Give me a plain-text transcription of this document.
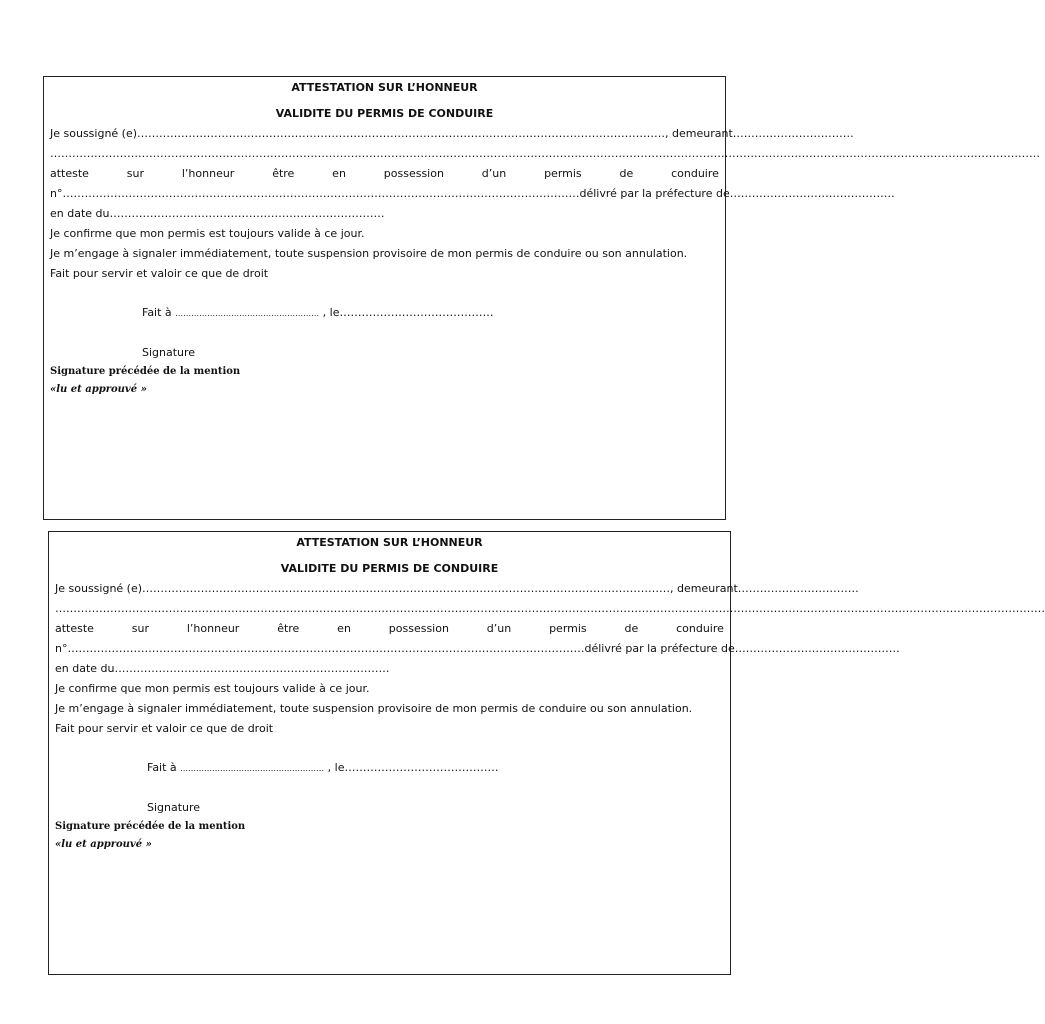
ATTESTATION SUR L’HONNEUR

VALIDITE DU PERMIS DE CONDUIRE

Je soussigné (e)………………………………………………………………………………………………………………………………, demeurant……………………………

………………………………………………………………………………………………………………………………………………………………………………………………………………………………………………

atteste	sur	l’honneur	être	en	possession	d’un	permis	de	conduire

n°……………………………………………………………………………………………………………………………délivré par la préfecture de………………………………………

en date du…………………………………………………………………

Je confirme que mon permis est toujours valide à ce jour.

Je m’engage à signaler immédiatement, toute suspension provisoire de mon permis de conduire ou son annulation.

Fait pour servir et valoir ce que de droit

Fait à ……………………………………………… , le……………………………………

Signature

Signature précédée de la mention

«lu et approuvé »

ATTESTATION SUR L’HONNEUR

VALIDITE DU PERMIS DE CONDUIRE

Je soussigné (e)………………………………………………………………………………………………………………………………, demeurant……………………………

………………………………………………………………………………………………………………………………………………………………………………………………………………………………………………

atteste	sur	l’honneur	être	en	possession	d’un	permis	de	conduire

n°……………………………………………………………………………………………………………………………délivré par la préfecture de………………………………………

en date du…………………………………………………………………

Je confirme que mon permis est toujours valide à ce jour.

Je m’engage à signaler immédiatement, toute suspension provisoire de mon permis de conduire ou son annulation.

Fait pour servir et valoir ce que de droit

Fait à ……………………………………………… , le……………………………………

Signature

Signature précédée de la mention

«lu et approuvé »
